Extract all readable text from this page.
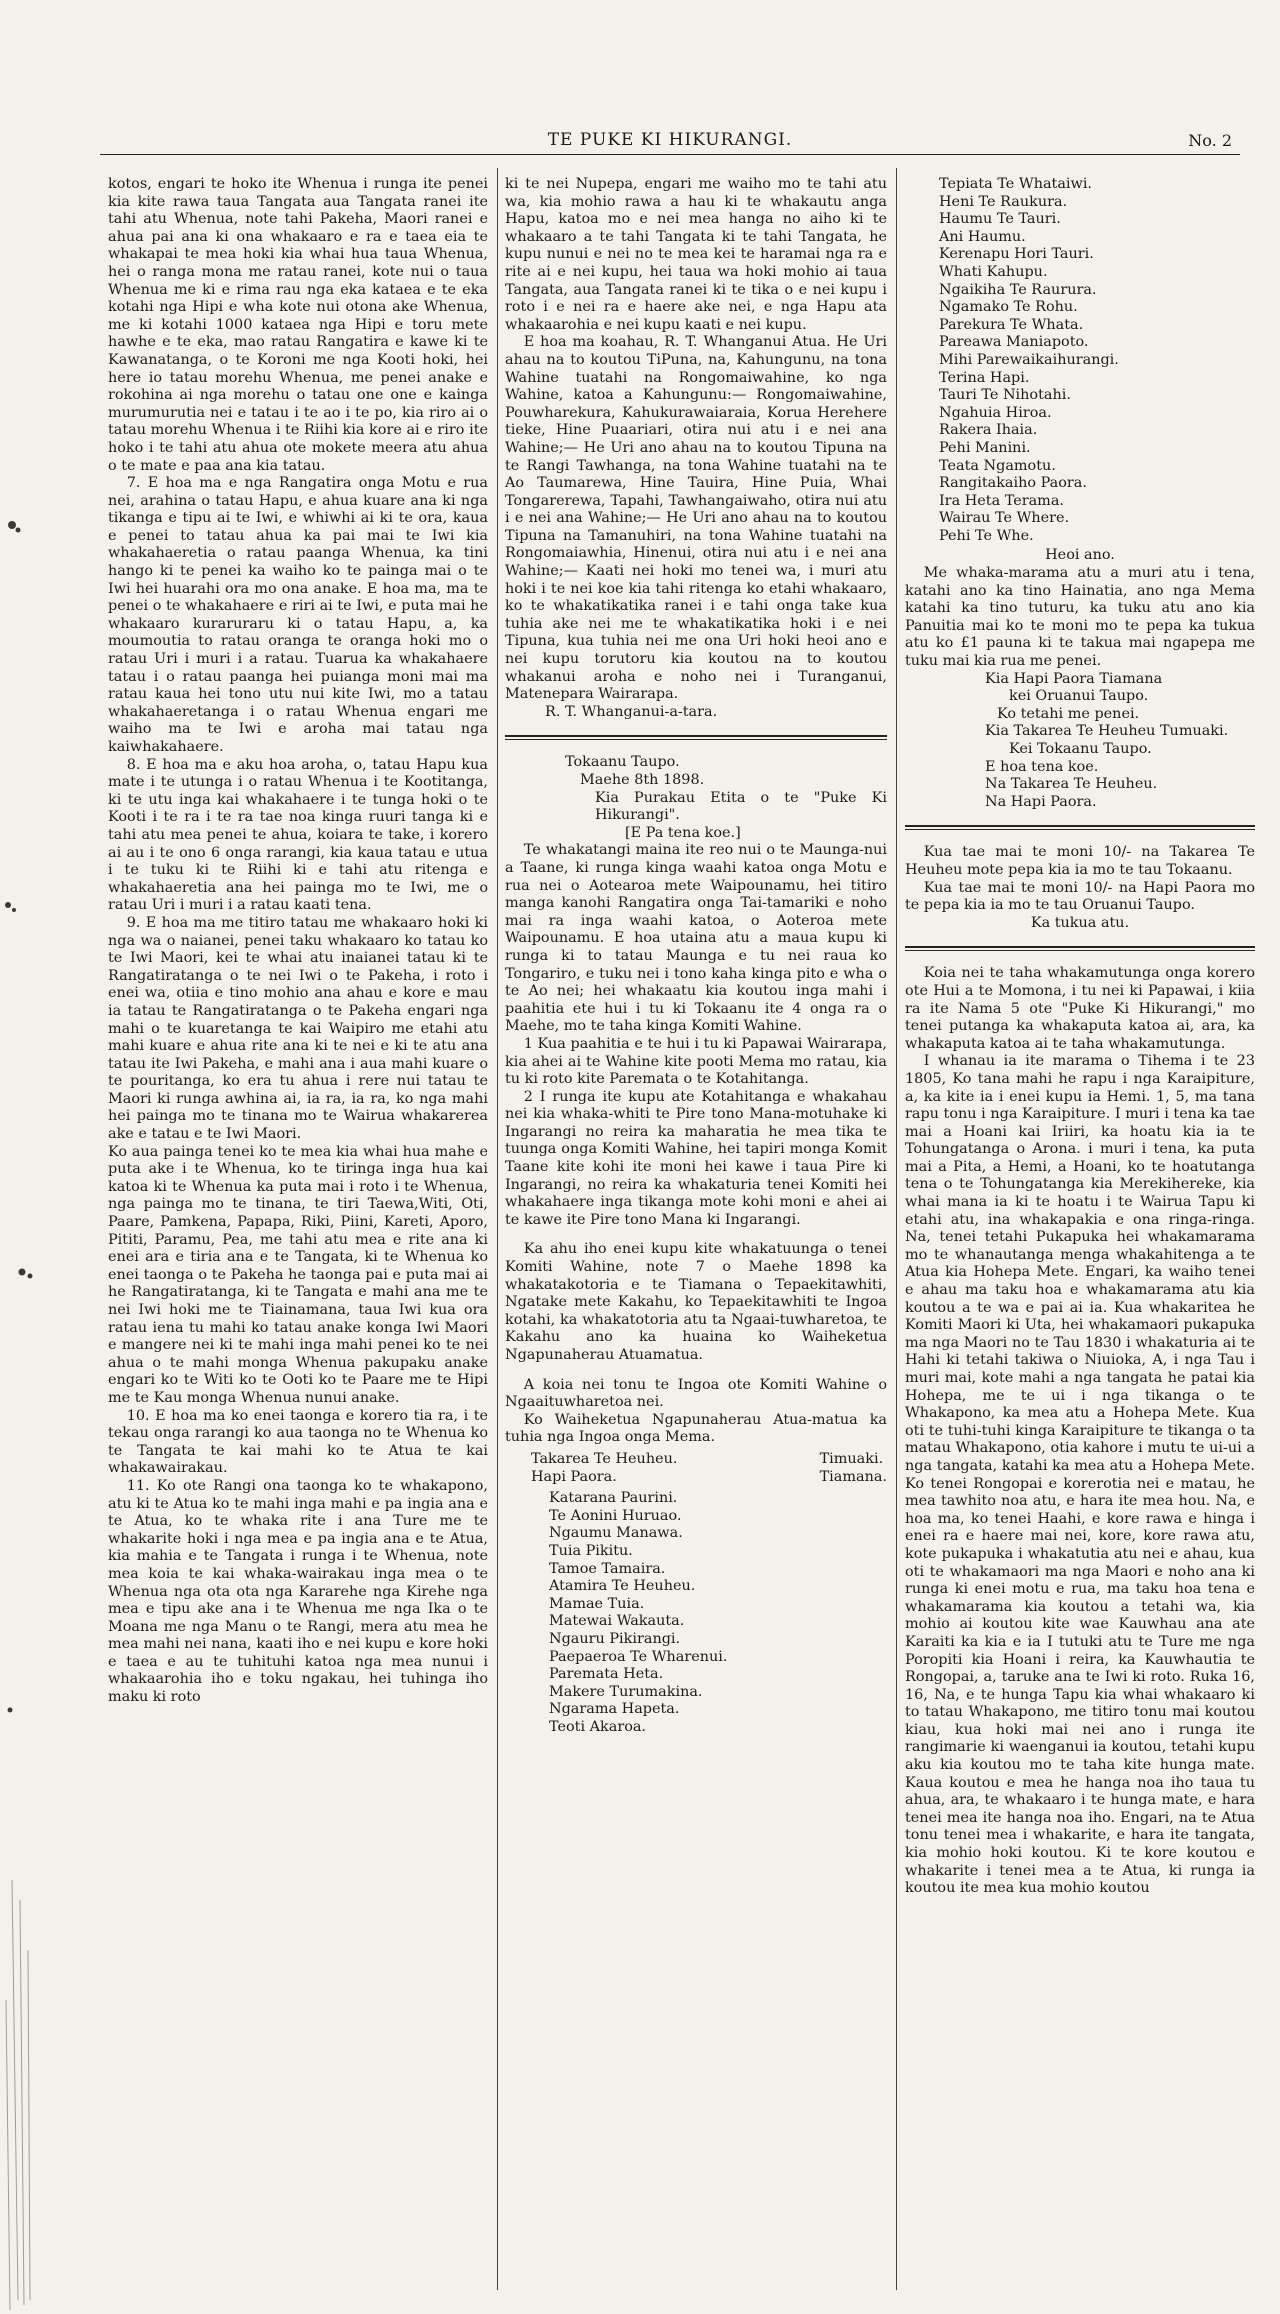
TE PUKE KI HIKURANGI.	No. 2

kotos, engari te hoko ite Whenua i runga ite penei kia kite rawa taua Tangata aua Tangata ranei ite tahi atu Whenua, note tahi Pakeha, Maori ranei e ahua pai ana ki ona whakaaro e ra e taea eia te whakapai te mea hoki kia whai hua taua Whenua, hei o ranga mona me ratau ranei, kote nui o taua Whenua me ki e rima rau nga eka kataea e te eka kotahi nga Hipi e wha kote nui otona ake Whenua, me ki kotahi 1000 kataea nga Hipi e toru mete hawhe e te eka, mao ratau Rangatira e kawe ki te Kawanatanga, o te Koroni me nga Kooti hoki, hei here io tatau morehu Whenua, me penei anake e rokohina ai nga morehu o tatau one one e kainga murumurutia nei e tatau i te ao i te po, kia riro ai o tatau morehu Whenua i te Riihi kia kore ai e riro ite hoko i te tahi atu ahua ote mokete meera atu ahua o te mate e paa ana kia tatau.

7. E hoa ma e nga Rangatira onga Motu e rua nei, arahina o tatau Hapu, e ahua kuare ana ki nga tikanga e tipu ai te Iwi, e whiwhi ai ki te ora, kaua e penei to tatau ahua ka pai mai te Iwi kia whakahaeretia o ratau paanga Whenua, ka tini hango ki te penei ka waiho ko te painga mai o te Iwi hei huarahi ora mo ona anake. E hoa ma, ma te penei o te whakahaere e riri ai te Iwi, e puta mai he whakaaro kuraruraru ki o tatau Hapu, a, ka moumoutia to ratau oranga te oranga hoki mo o ratau Uri i muri i a ratau. Tuarua ka whakahaere tatau i o ratau paanga hei puianga moni mai ma ratau kaua hei tono utu nui kite Iwi, mo a tatau whakahaeretanga i o ratau Whenua engari me waiho ma te Iwi e aroha mai tatau nga kaiwhakahaere.

8. E hoa ma e aku hoa aroha, o, tatau Hapu kua mate i te utunga i o ratau Whenua i te Kootitanga, ki te utu inga kai whakahaere i te tunga hoki o te Kooti i te ra i te ra tae noa kinga ruuri tanga ki e tahi atu mea penei te ahua, koiara te take, i korero ai au i te ono 6 onga rarangi, kia kaua tatau e utua i te tuku ki te Riihi ki e tahi atu ritenga e whakahaeretia ana hei painga mo te Iwi, me o ratau Uri i muri i a ratau kaati tena.

9. E hoa ma me titiro tatau me whakaaro hoki ki nga wa o naianei, penei taku whakaaro ko tatau ko te Iwi Maori, kei te whai atu inaianei tatau ki te Rangatiratanga o te nei Iwi o te Pakeha, i roto i enei wa, otiia e tino mohio ana ahau e kore e mau ia tatau te Rangatiratanga o te Pakeha engari nga mahi o te kuaretanga te kai Waipiro me etahi atu mahi kuare e ahua rite ana ki te nei e ki te atu ana tatau ite Iwi Pakeha, e mahi ana i aua mahi kuare o te pouritanga, ko era tu ahua i rere nui tatau te Maori ki runga awhina ai, ia ra, ia ra, ko nga mahi hei painga mo te tinana mo te Wairua whakarerea ake e tatau e te Iwi Maori.

Ko aua painga tenei ko te mea kia whai hua mahe e puta ake i te Whenua, ko te tiringa inga hua kai katoa ki te Whenua ka puta mai i roto i te Whenua, nga painga mo te tinana, te tiri Taewa,Witi, Oti, Paare, Pamkena, Papapa, Riki, Piini, Kareti, Aporo, Pititi, Paramu, Pea, me tahi atu mea e rite ana ki enei ara e tiria ana e te Tangata, ki te Whenua ko enei taonga o te Pakeha he taonga pai e puta mai ai he Rangatiratanga, ki te Tangata e mahi ana me te nei Iwi hoki me te Tiainamana, taua Iwi kua ora ratau iena tu mahi ko tatau anake konga Iwi Maori e mangere nei ki te mahi inga mahi penei ko te nei ahua o te mahi monga Whenua pakupaku anake engari ko te Witi ko te Ooti ko te Paare me te Hipi me te Kau monga Whenua nunui anake.

10. E hoa ma ko enei taonga e korero tia ra, i te tekau onga rarangi ko aua taonga no te Whenua ko te Tangata te kai mahi ko te Atua te kai whakawairakau.

11. Ko ote Rangi ona taonga ko te whakapono, atu ki te Atua ko te mahi inga mahi e pa ingia ana e te Atua, ko te whaka rite i ana Ture me te whakarite hoki i nga mea e pa ingia ana e te Atua, kia mahia e te Tangata i runga i te Whenua, note mea koia te kai whaka-wairakau inga mea o te Whenua nga ota ota nga Kararehe nga Kirehe nga mea e tipu ake ana i te Whenua me nga Ika o te Moana me nga Manu o te Rangi, mera atu mea he mea mahi nei nana, kaati iho e nei kupu e kore hoki e taea e au te tuhituhi katoa nga mea nunui i whakaarohia iho e toku ngakau, hei tuhinga iho maku ki roto

ki te nei Nupepa, engari me waiho mo te tahi atu wa, kia mohio rawa a hau ki te whakautu anga Hapu, katoa mo e nei mea hanga no aiho ki te whakaaro a te tahi Tangata ki te tahi Tangata, he kupu nunui e nei no te mea kei te haramai nga ra e rite ai e nei kupu, hei taua wa hoki mohio ai taua Tangata, aua Tangata ranei ki te tika o e nei kupu i roto i e nei ra e haere ake nei, e nga Hapu ata whakaarohia e nei kupu kaati e nei kupu.

E hoa ma koahau, R. T. Whanganui Atua. He Uri ahau na to koutou TiPuna, na, Kahungunu, na tona Wahine tuatahi na Rongomaiwahine, ko nga Wahine, katoa a Kahungunu:— Rongomaiwahine, Pouwharekura, Kahukurawaiaraia, Korua Herehere tieke, Hine Puaariari, otira nui atu i e nei ana Wahine;— He Uri ano ahau na to koutou Tipuna na te Rangi Tawhanga, na tona Wahine tuatahi na te Ao Taumarewa, Hine Tauira, Hine Puia, Whai Tongarerewa, Tapahi, Tawhangaiwaho, otira nui atu i e nei ana Wahine;— He Uri ano ahau na to koutou Tipuna na Tamanuhiri, na tona Wahine tuatahi na Rongomaiawhia, Hinenui, otira nui atu i e nei ana Wahine;— Kaati nei hoki mo tenei wa, i muri atu hoki i te nei koe kia tahi ritenga ko etahi whakaaro, ko te whakatikatika ranei i e tahi onga take kua tuhia ake nei me te whakatikatika hoki i e nei Tipuna, kua tuhia nei me ona Uri hoki heoi ano e nei kupu torutoru kia koutou na to koutou whakanui aroha e noho nei i Turanganui, Matenepara Wairarapa.

R. T. Whanganui-a-tara.

Tokaanu Taupo.

Maehe 8th 1898.

Kia Purakau Etita o te "Puke Ki Hikurangi".

[E Pa tena koe.]

Te whakatangi maina ite reo nui o te Maunga-nui a Taane, ki runga kinga waahi katoa onga Motu e rua nei o Aotearoa mete Waipounamu, hei titiro manga kanohi Rangatira onga Tai-tamariki e noho mai ra inga waahi katoa, o Aoteroa mete Waipounamu. E hoa utaina atu a maua kupu ki runga ki to tatau Maunga e tu nei raua ko Tongariro, e tuku nei i tono kaha kinga pito e wha o te Ao nei; hei whakaatu kia koutou inga mahi i paahitia ete hui i tu ki Tokaanu ite 4 onga ra o Maehe, mo te taha kinga Komiti Wahine.

1 Kua paahitia e te hui i tu ki Papawai Wairarapa, kia ahei ai te Wahine kite pooti Mema mo ratau, kia tu ki roto kite Paremata o te Kotahitanga.

2 I runga ite kupu ate Kotahitanga e whakahau nei kia whaka-whiti te Pire tono Mana-motuhake ki Ingarangi no reira ka maharatia he mea tika te tuunga onga Komiti Wahine, hei tapiri monga Komit Taane kite kohi ite moni hei kawe i taua Pire ki Ingarangi, no reira ka whakaturia tenei Komiti hei whakahaere inga tikanga mote kohi moni e ahei ai te kawe ite Pire tono Mana ki Ingarangi.

Ka ahu iho enei kupu kite whakatuunga o tenei Komiti Wahine, note 7 o Maehe 1898 ka whakatakotoria e te Tiamana o Tepaekitawhiti, Ngatake mete Kakahu, ko Tepaekitawhiti te Ingoa kotahi, ka whakatotoria atu ta Ngaai-tuwharetoa, te Kakahu ano ka huaina ko Waiheketua Ngapunaherau Atuamatua.

A koia nei tonu te Ingoa ote Komiti Wahine o Ngaaituwharetoa nei.

Ko Waiheketua Ngapunaherau Atua-matua ka tuhia nga Ingoa onga Mema.

Takarea Te Heuheu.	Timuaki.
Hapi Paora.	Tiamana.
Katarana Paurini.
Te Aonini Huruao.
Ngaumu Manawa.
Tuia Pikitu.
Tamoe Tamaira.
Atamira Te Heuheu.
Mamae Tuia.
Matewai Wakauta.
Ngauru Pikirangi.
Paepaeroa Te Wharenui.
Paremata Heta.
Makere Turumakina.
Ngarama Hapeta.
Teoti Akaroa.
Tepiata Te Whataiwi.
Heni Te Raukura.
Haumu Te Tauri.
Ani Haumu.
Kerenapu Hori Tauri.
Whati Kahupu.
Ngaikiha Te Raurura.
Ngamako Te Rohu.
Parekura Te Whata.
Pareawa Maniapoto.
Mihi Parewaikaihurangi.
Terina Hapi.
Tauri Te Nihotahi.
Ngahuia Hiroa.
Rakera Ihaia.
Pehi Manini.
Teata Ngamotu.
Rangitakaiho Paora.
Ira Heta Terama.
Wairau Te Where.
Pehi Te Whe.

Heoi ano.

Me whaka-marama atu a muri atu i tena, katahi ano ka tino Hainatia, ano nga Mema katahi ka tino tuturu, ka tuku atu ano kia Panuitia mai ko te moni mo te pepa ka tukua atu ko £1 pauna ki te takua mai ngapepa me tuku mai kia rua me penei.

Kia Hapi Paora Tiamana

kei Oruanui Taupo.

Ko tetahi me penei.

Kia Takarea Te Heuheu Tumuaki.

Kei Tokaanu Taupo.

E hoa tena koe.

Na Takarea Te Heuheu.

Na Hapi Paora.

Kua tae mai te moni 10/- na Takarea Te Heuheu mote pepa kia ia mo te tau Tokaanu.

Kua tae mai te moni 10/- na Hapi Paora mo te pepa kia ia mo te tau Oruanui Taupo.

Ka tukua atu.

Koia nei te taha whakamutunga onga korero ote Hui a te Momona, i tu nei ki Papawai, i kiia ra ite Nama 5 ote "Puke Ki Hikurangi," mo tenei putanga ka whakaputa katoa ai, ara, ka whakaputa katoa ai te taha whakamutunga.

I whanau ia ite marama o Tihema i te 23 1805, Ko tana mahi he rapu i nga Karaipiture, a, ka kite ia i enei kupu ia Hemi. 1, 5, ma tana rapu tonu i nga Karaipiture. I muri i tena ka tae mai a Hoani kai Iriiri, ka hoatu kia ia te Tohungatanga o Arona. i muri i tena, ka puta mai a Pita, a Hemi, a Hoani, ko te hoatutanga tena o te Tohungatanga kia Merekihereke, kia whai mana ia ki te hoatu i te Wairua Tapu ki etahi atu, ina whakapakia e ona ringa-ringa. Na, tenei tetahi Pukapuka hei whakamarama mo te whanautanga menga whakahitenga a te Atua kia Hohepa Mete. Engari, ka waiho tenei e ahau ma taku hoa e whakamarama atu kia koutou a te wa e pai ai ia. Kua whakaritea he Komiti Maori ki Uta, hei whakamaori pukapuka ma nga Maori no te Tau 1830 i whakaturia ai te Hahi ki tetahi takiwa o Niuioka, A, i nga Tau i muri mai, kote mahi a nga tangata he patai kia Hohepa, me te ui i nga tikanga o te Whakapono, ka mea atu a Hohepa Mete. Kua oti te tuhi-tuhi kinga Karaipiture te tikanga o ta matau Whakapono, otia kahore i mutu te ui-ui a nga tangata, katahi ka mea atu a Hohepa Mete. Ko tenei Rongopai e korerotia nei e matau, he mea tawhito noa atu, e hara ite mea hou. Na, e hoa ma, ko tenei Haahi, e kore rawa e hinga i enei ra e haere mai nei, kore, kore rawa atu, kote pukapuka i whakatutia atu nei e ahau, kua oti te whakamaori ma nga Maori e noho ana ki runga ki enei motu e rua, ma taku hoa tena e whakamarama kia koutou a tetahi wa, kia mohio ai koutou kite wae Kauwhau ana ate Karaiti ka kia e ia I tutuki atu te Ture me nga Poropiti kia Hoani i reira, ka Kauwhautia te Rongopai, a, taruke ana te Iwi ki roto. Ruka 16, 16, Na, e te hunga Tapu kia whai whakaaro ki to tatau Whakapono, me titiro tonu mai koutou kiau, kua hoki mai nei ano i runga ite rangimarie ki waenganui ia koutou, tetahi kupu aku kia koutou mo te taha kite hunga mate. Kaua koutou e mea he hanga noa iho taua tu ahua, ara, te whakaaro i te hunga mate, e hara tenei mea ite hanga noa iho. Engari, na te Atua tonu tenei mea i whakarite, e hara ite tangata, kia mohio hoki koutou. Ki te kore koutou e whakarite i tenei mea a te Atua, ki runga ia koutou ite mea kua mohio koutou
